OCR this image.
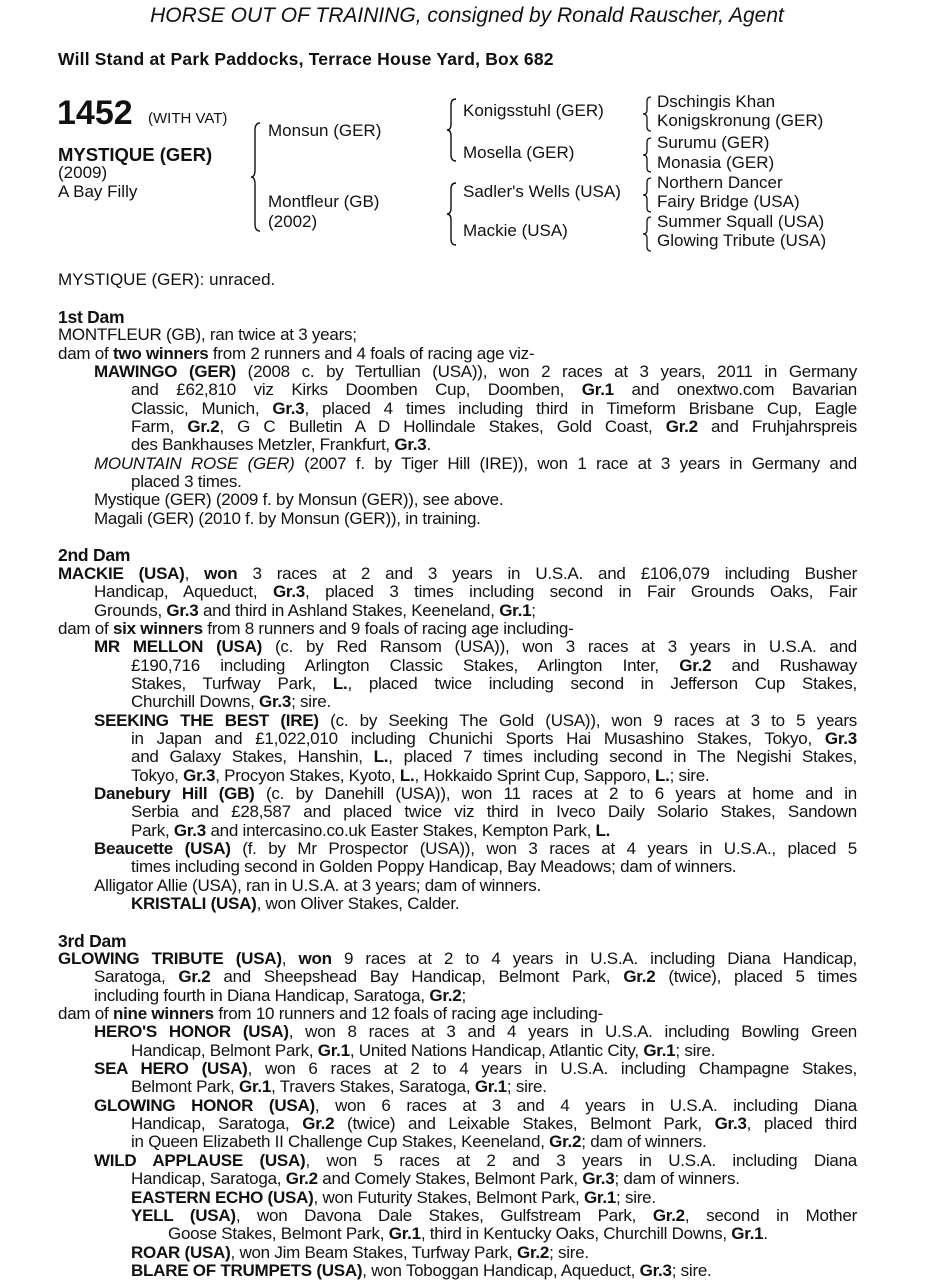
HORSE OUT OF TRAINING, consigned by Ronald Rauscher, Agent
Will Stand at Park Paddocks, Terrace House Yard, Box 682
1452 (WITH VAT)
MYSTIQUE (GER)
(2009)
A Bay Filly
Monsun (GER)
Montfleur (GB)
(2002)
Konigsstuhl (GER)
Mosella (GER)
Sadler's Wells (USA)
Mackie (USA)
Dschingis Khan
Konigskronung (GER)
Surumu (GER)
Monasia (GER)
Northern Dancer
Fairy Bridge (USA)
Summer Squall (USA)
Glowing Tribute (USA)
MYSTIQUE (GER): unraced.
1st Dam
MONTFLEUR (GB), ran twice at 3 years;
dam of two winners from 2 runners and 4 foals of racing age viz-
MAWINGO (GER) (2008 c. by Tertullian (USA)), won 2 races at 3 years, 2011 in Germany
and £62,810 viz Kirks Doomben Cup, Doomben, Gr.1 and onextwo.com Bavarian
Classic, Munich, Gr.3, placed 4 times including third in Timeform Brisbane Cup, Eagle
Farm, Gr.2, G C Bulletin A D Hollindale Stakes, Gold Coast, Gr.2 and Fruhjahrspreis
des Bankhauses Metzler, Frankfurt, Gr.3.
MOUNTAIN ROSE (GER) (2007 f. by Tiger Hill (IRE)), won 1 race at 3 years in Germany and
placed 3 times.
Mystique (GER) (2009 f. by Monsun (GER)), see above.
Magali (GER) (2010 f. by Monsun (GER)), in training.
2nd Dam
MACKIE (USA), won 3 races at 2 and 3 years in U.S.A. and £106,079 including Busher
Handicap, Aqueduct, Gr.3, placed 3 times including second in Fair Grounds Oaks, Fair
Grounds, Gr.3 and third in Ashland Stakes, Keeneland, Gr.1;
dam of six winners from 8 runners and 9 foals of racing age including-
MR MELLON (USA) (c. by Red Ransom (USA)), won 3 races at 3 years in U.S.A. and
£190,716 including Arlington Classic Stakes, Arlington Inter, Gr.2 and Rushaway
Stakes, Turfway Park, L., placed twice including second in Jefferson Cup Stakes,
Churchill Downs, Gr.3; sire.
SEEKING THE BEST (IRE) (c. by Seeking The Gold (USA)), won 9 races at 3 to 5 years
in Japan and £1,022,010 including Chunichi Sports Hai Musashino Stakes, Tokyo, Gr.3
and Galaxy Stakes, Hanshin, L., placed 7 times including second in The Negishi Stakes,
Tokyo, Gr.3, Procyon Stakes, Kyoto, L., Hokkaido Sprint Cup, Sapporo, L.; sire.
Danebury Hill (GB) (c. by Danehill (USA)), won 11 races at 2 to 6 years at home and in
Serbia and £28,587 and placed twice viz third in Iveco Daily Solario Stakes, Sandown
Park, Gr.3 and intercasino.co.uk Easter Stakes, Kempton Park, L.
Beaucette (USA) (f. by Mr Prospector (USA)), won 3 races at 4 years in U.S.A., placed 5
times including second in Golden Poppy Handicap, Bay Meadows; dam of winners.
Alligator Allie (USA), ran in U.S.A. at 3 years; dam of winners.
KRISTALI (USA), won Oliver Stakes, Calder.
3rd Dam
GLOWING TRIBUTE (USA), won 9 races at 2 to 4 years in U.S.A. including Diana Handicap,
Saratoga, Gr.2 and Sheepshead Bay Handicap, Belmont Park, Gr.2 (twice), placed 5 times
including fourth in Diana Handicap, Saratoga, Gr.2;
dam of nine winners from 10 runners and 12 foals of racing age including-
HERO'S HONOR (USA), won 8 races at 3 and 4 years in U.S.A. including Bowling Green
Handicap, Belmont Park, Gr.1, United Nations Handicap, Atlantic City, Gr.1; sire.
SEA HERO (USA), won 6 races at 2 to 4 years in U.S.A. including Champagne Stakes,
Belmont Park, Gr.1, Travers Stakes, Saratoga, Gr.1; sire.
GLOWING HONOR (USA), won 6 races at 3 and 4 years in U.S.A. including Diana
Handicap, Saratoga, Gr.2 (twice) and Leixable Stakes, Belmont Park, Gr.3, placed third
in Queen Elizabeth II Challenge Cup Stakes, Keeneland, Gr.2; dam of winners.
WILD APPLAUSE (USA), won 5 races at 2 and 3 years in U.S.A. including Diana
Handicap, Saratoga, Gr.2 and Comely Stakes, Belmont Park, Gr.3; dam of winners.
EASTERN ECHO (USA), won Futurity Stakes, Belmont Park, Gr.1; sire.
YELL (USA), won Davona Dale Stakes, Gulfstream Park, Gr.2, second in Mother
Goose Stakes, Belmont Park, Gr.1, third in Kentucky Oaks, Churchill Downs, Gr.1.
ROAR (USA), won Jim Beam Stakes, Turfway Park, Gr.2; sire.
BLARE OF TRUMPETS (USA), won Toboggan Handicap, Aqueduct, Gr.3; sire.
